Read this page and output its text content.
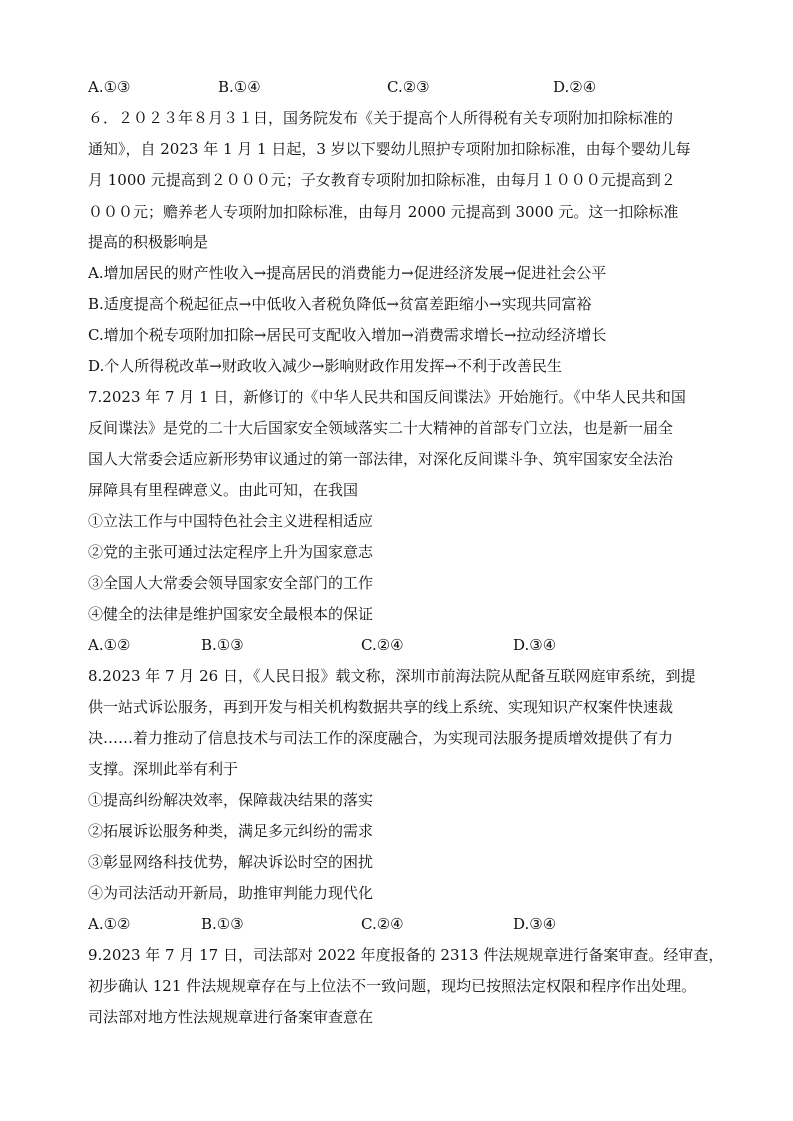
A.①③	B.①④	C.②③	D.②④
６．２０２３年８月３１日，国务院发布《关于提高个人所得税有关专项附加扣除标准的
通知》，自 2023 年 1 月 1 日起，3 岁以下婴幼儿照护专项附加扣除标准，由每个婴幼儿每
月 1000 元提高到２０００元；子女教育专项附加扣除标准，由每月１０００元提高到２
０００元；赡养老人专项附加扣除标准，由每月 2000 元提高到 3000 元。这一扣除标准
提高的积极影响是
A.增加居民的财产性收入→提高居民的消费能力→促进经济发展→促进社会公平
B.适度提高个税起征点→中低收入者税负降低→贫富差距缩小→实现共同富裕
C.增加个税专项附加扣除→居民可支配收入增加→消费需求增长→拉动经济增长
D.个人所得税改革→财政收入减少→影响财政作用发挥→不利于改善民生
7.2023 年 7 月 1 日，新修订的《中华人民共和国反间谍法》开始施行。《中华人民共和国
反间谍法》是党的二十大后国家安全领域落实二十大精神的首部专门立法，也是新一届全
国人大常委会适应新形势审议通过的第一部法律，对深化反间谍斗争、筑牢国家安全法治
屏障具有里程碑意义。由此可知，在我国
①立法工作与中国特色社会主义进程相适应
②党的主张可通过法定程序上升为国家意志
③全国人大常委会领导国家安全部门的工作
④健全的法律是维护国家安全最根本的保证
A.①②	B.①③	C.②④	D.③④
8.2023 年 7 月 26 日，《人民日报》载文称，深圳市前海法院从配备互联网庭审系统，到提
供一站式诉讼服务，再到开发与相关机构数据共享的线上系统、实现知识产权案件快速裁
决……着力推动了信息技术与司法工作的深度融合，为实现司法服务提质增效提供了有力
支撑。深圳此举有利于
①提高纠纷解决效率，保障裁决结果的落实
②拓展诉讼服务种类，满足多元纠纷的需求
③彰显网络科技优势，解决诉讼时空的困扰
④为司法活动开新局，助推审判能力现代化
A.①②	B.①③	C.②④	D.③④
9.2023 年 7 月 17 日，司法部对 2022 年度报备的 2313 件法规规章进行备案审查。经审查，
初步确认 121 件法规规章存在与上位法不一致问题，现均已按照法定权限和程序作出处理。
司法部对地方性法规规章进行备案审查意在
